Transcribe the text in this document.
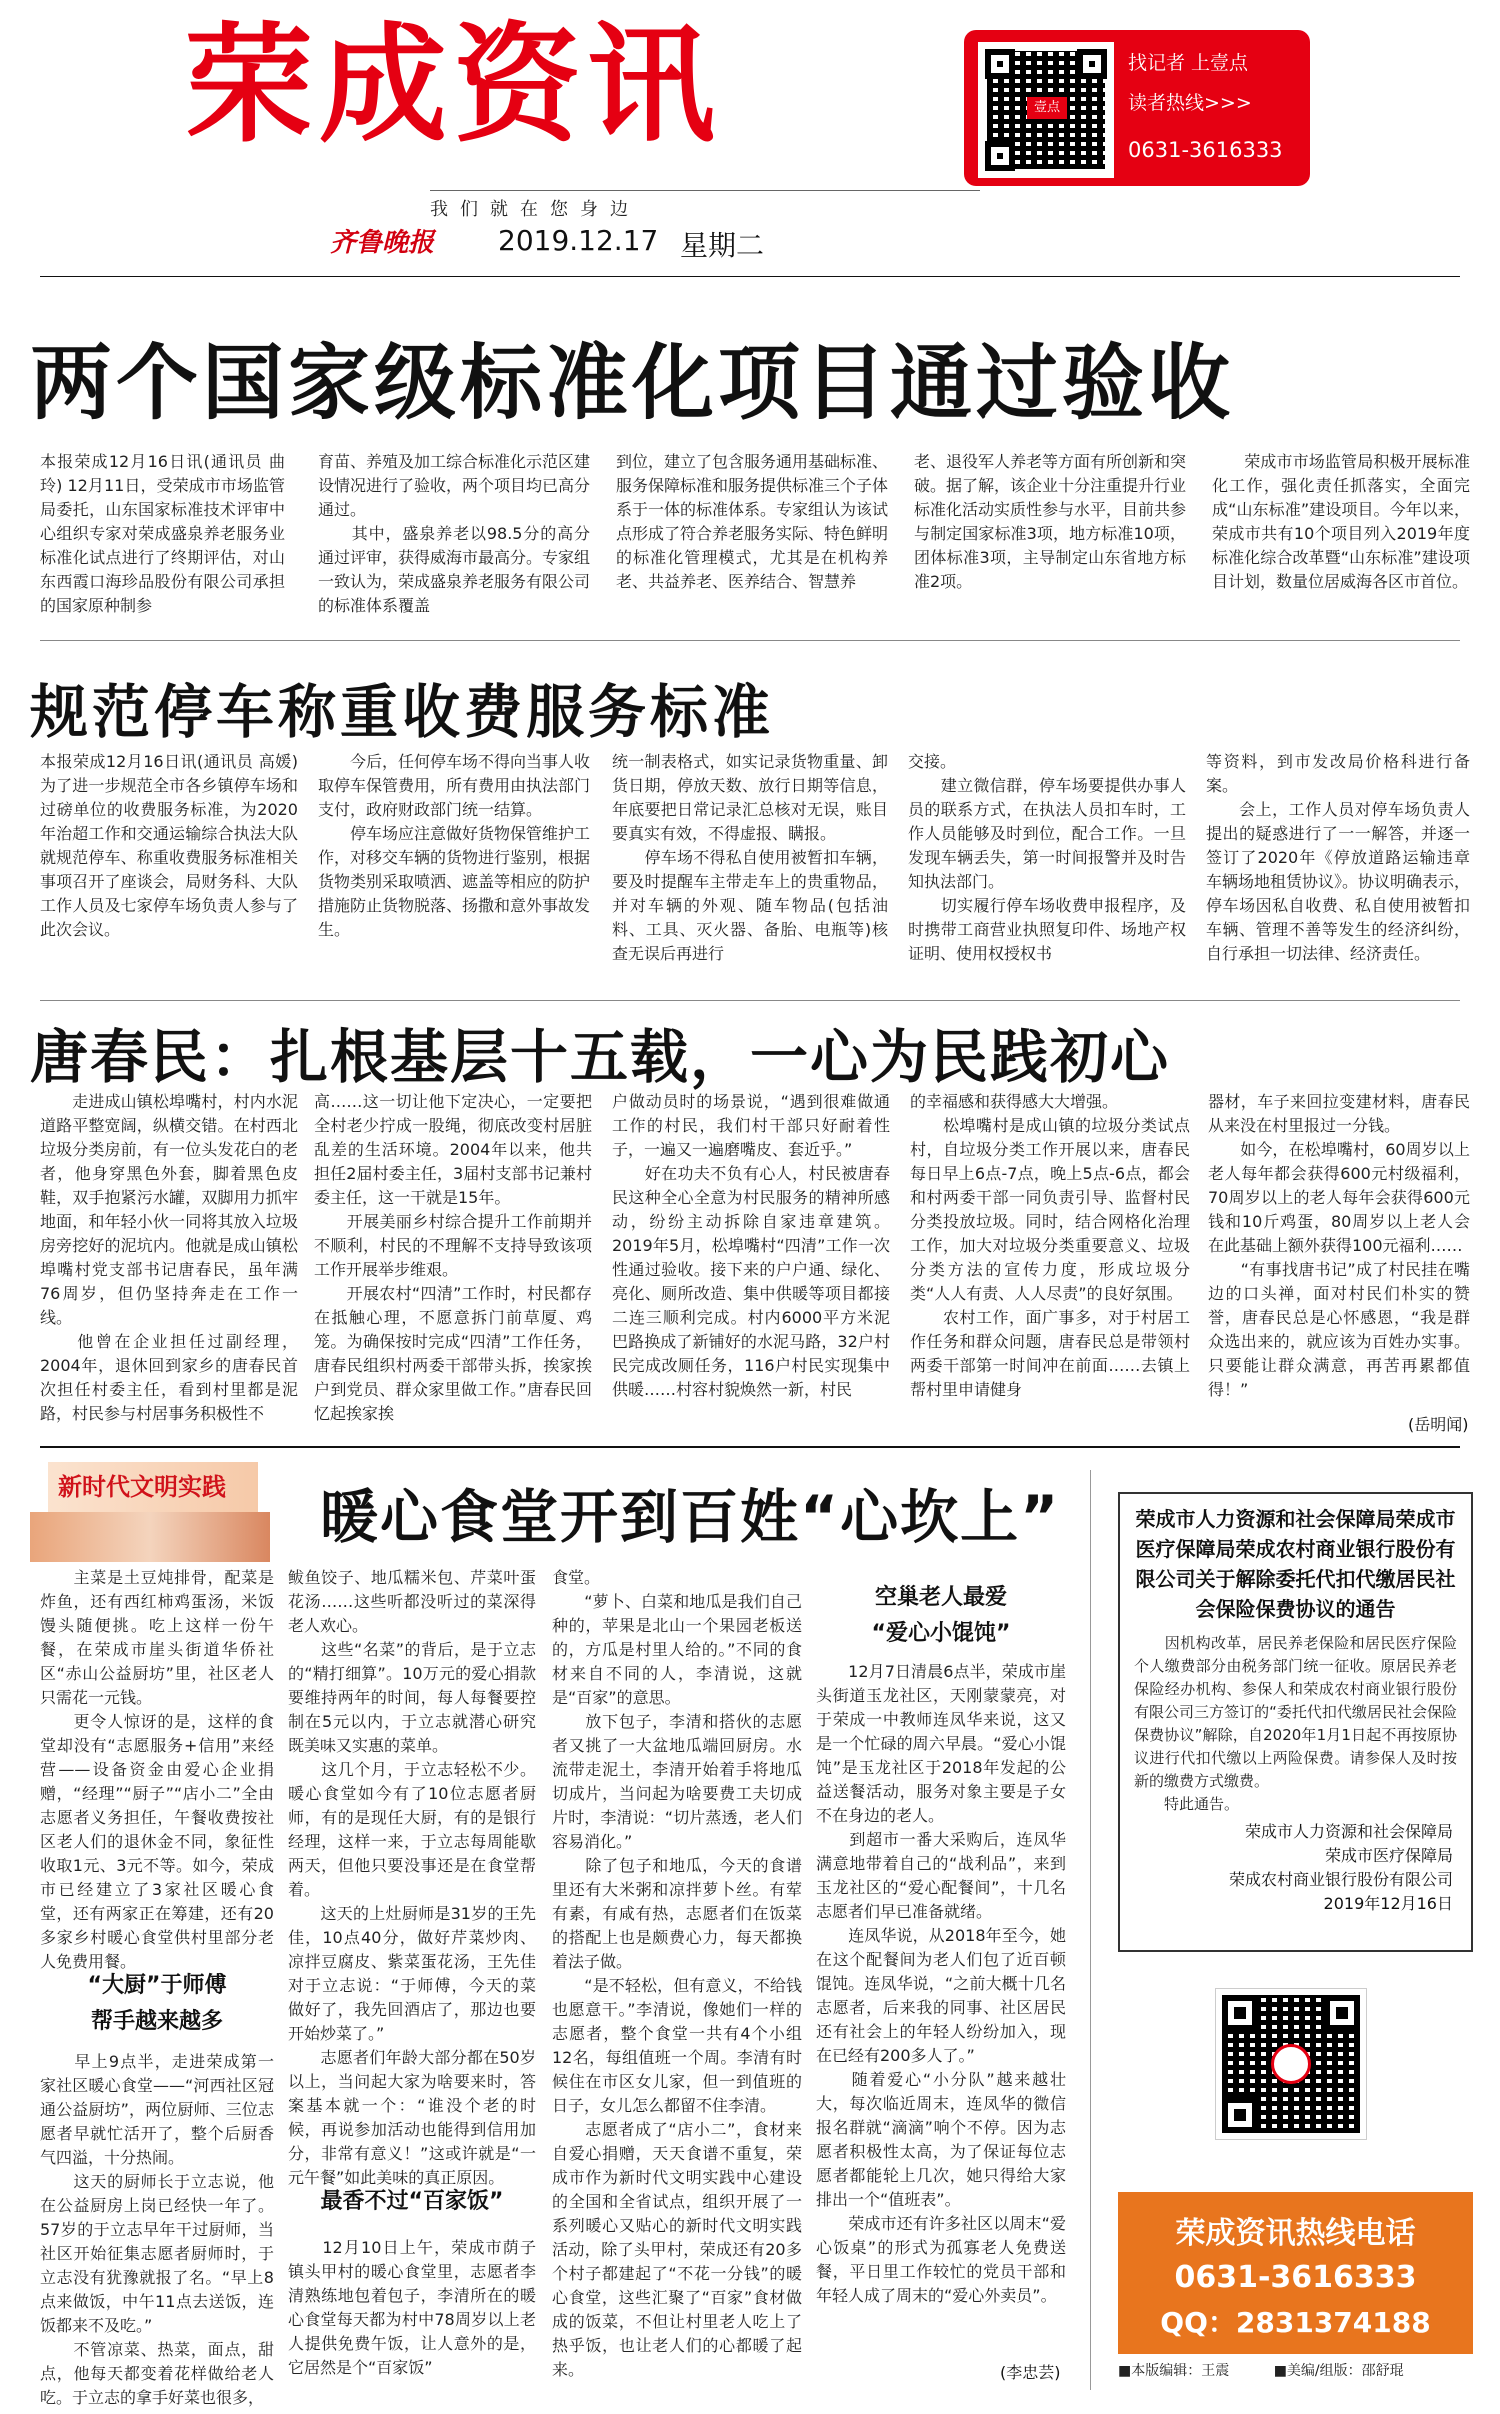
荣成资讯
我们就在您身边
齐鲁晚报 2019.12.17 星期二
壹点
找记者 上壹点
读者热线>>>
0631-3616333
两个国家级标准化项目通过验收
本报荣成12月16日讯(通讯员 曲玲) 12月11日，受荣成市市场监管局委托，山东国家标准技术评审中心组织专家对荣成盛泉养老服务业标准化试点进行了终期评估，对山东西霞口海珍品股份有限公司承担的国家原种制参
育苗、养殖及加工综合标准化示范区建设情况进行了验收，两个项目均已高分通过。
　　其中，盛泉养老以98.5分的高分通过评审，获得威海市最高分。专家组一致认为，荣成盛泉养老服务有限公司的标准体系覆盖
到位，建立了包含服务通用基础标准、服务保障标准和服务提供标准三个子体系于一体的标准体系。专家组认为该试点形成了符合养老服务实际、特色鲜明的标准化管理模式，尤其是在机构养老、共益养老、医养结合、智慧养
老、退役军人养老等方面有所创新和突破。据了解，该企业十分注重提升行业标准化活动实质性参与水平，目前共参与制定国家标准3项，地方标准10项，团体标准3项，主导制定山东省地方标准2项。
　　荣成市市场监管局积极开展标准化工作，强化责任抓落实，全面完成“山东标准”建设项目。今年以来，荣成市共有10个项目列入2019年度标准化综合改革暨“山东标准”建设项目计划，数量位居威海各区市首位。
规范停车称重收费服务标准
本报荣成12月16日讯(通讯员 高媛) 为了进一步规范全市各乡镇停车场和过磅单位的收费服务标准，为2020年治超工作和交通运输综合执法大队就规范停车、称重收费服务标准相关事项召开了座谈会，局财务科、大队工作人员及七家停车场负责人参与了此次会议。
　　今后，任何停车场不得向当事人收取停车保管费用，所有费用由执法部门支付，政府财政部门统一结算。
　　停车场应注意做好货物保管维护工作，对移交车辆的货物进行鉴别，根据货物类别采取喷洒、遮盖等相应的防护措施防止货物脱落、扬撒和意外事故发生。
统一制表格式，如实记录货物重量、卸货日期，停放天数、放行日期等信息，年底要把日常记录汇总核对无误，账目要真实有效，不得虚报、瞒报。
　　停车场不得私自使用被暂扣车辆，要及时提醒车主带走车上的贵重物品，并对车辆的外观、随车物品(包括油料、工具、灭火器、备胎、电瓶等)核查无误后再进行
交接。
　　建立微信群，停车场要提供办事人员的联系方式，在执法人员扣车时，工作人员能够及时到位，配合工作。一旦发现车辆丢失，第一时间报警并及时告知执法部门。
　　切实履行停车场收费申报程序，及时携带工商营业执照复印件、场地产权证明、使用权授权书
等资料，到市发改局价格科进行备案。
　　会上，工作人员对停车场负责人提出的疑惑进行了一一解答，并逐一签订了2020年《停放道路运输违章车辆场地租赁协议》。协议明确表示，停车场因私自收费、私自使用被暂扣车辆、管理不善等发生的经济纠纷，自行承担一切法律、经济责任。
唐春民：扎根基层十五载，一心为民践初心
　　走进成山镇松埠嘴村，村内水泥道路平整宽阔，纵横交错。在村西北垃圾分类房前，有一位头发花白的老者，他身穿黑色外套，脚着黑色皮鞋，双手抱紧污水罐，双脚用力抓牢地面，和年轻小伙一同将其放入垃圾房旁挖好的泥坑内。他就是成山镇松埠嘴村党支部书记唐春民，虽年满76周岁，但仍坚持奔走在工作一线。
　　他曾在企业担任过副经理，2004年，退休回到家乡的唐春民首次担任村委主任，看到村里都是泥路，村民参与村居事务积极性不
高……这一切让他下定决心，一定要把全村老少拧成一股绳，彻底改变村居脏乱差的生活环境。2004年以来，他共担任2届村委主任，3届村支部书记兼村委主任，这一干就是15年。
　　开展美丽乡村综合提升工作前期并不顺利，村民的不理解不支持导致该项工作开展举步维艰。
　　开展农村“四清”工作时，村民都存在抵触心理，不愿意拆门前草厦、鸡笼。为确保按时完成“四清”工作任务，唐春民组织村两委干部带头拆，挨家挨户到党员、群众家里做工作。”唐春民回忆起挨家挨
户做动员时的场景说，“遇到很难做通工作的村民，我们村干部只好耐着性子，一遍又一遍磨嘴皮、套近乎。”
　　好在功夫不负有心人，村民被唐春民这种全心全意为村民服务的精神所感动，纷纷主动拆除自家违章建筑。2019年5月，松埠嘴村“四清”工作一次性通过验收。接下来的户户通、绿化、亮化、厕所改造、集中供暖等项目都接二连三顺利完成。村内6000平方米泥巴路换成了新铺好的水泥马路，32户村民完成改厕任务，116户村民实现集中供暖……村容村貌焕然一新，村民
的幸福感和获得感大大增强。
　　松埠嘴村是成山镇的垃圾分类试点村，自垃圾分类工作开展以来，唐春民每日早上6点-7点，晚上5点-6点，都会和村两委干部一同负责引导、监督村民分类投放垃圾。同时，结合网格化治理工作，加大对垃圾分类重要意义、垃圾分类方法的宣传力度，形成垃圾分类“人人有责、人人尽责”的良好氛围。
　　农村工作，面广事多，对于村居工作任务和群众问题，唐春民总是带领村两委干部第一时间冲在前面……去镇上帮村里申请健身
器材，车子来回拉变建材料，唐春民从来没在村里报过一分钱。
　　如今，在松埠嘴村，60周岁以上老人每年都会获得600元村级福利，70周岁以上的老人每年会获得600元钱和10斤鸡蛋，80周岁以上老人会在此基础上额外获得100元福利……
　　“有事找唐书记”成了村民挂在嘴边的口头禅，面对村民们朴实的赞誉，唐春民总是心怀感恩，“我是群众选出来的，就应该为百姓办实事。只要能让群众满意，再苦再累都值得！”
(岳明闻)
新时代文明实践	暖心食堂开到百姓“心坎上”
　　主菜是土豆炖排骨，配菜是炸鱼，还有西红柿鸡蛋汤，米饭馒头随便挑。吃上这样一份午餐，在荣成市崖头街道华侨社区“赤山公益厨坊”里，社区老人只需花一元钱。
　　更令人惊讶的是，这样的食堂却没有“志愿服务+信用”来经营——设备资金由爱心企业捐赠，“经理”“厨子”“店小二”全由志愿者义务担任，午餐收费按社区老人们的退休金不同，象征性收取1元、3元不等。如今，荣成市已经建立了3家社区暖心食堂，还有两家正在筹建，还有20多家乡村暖心食堂供村里部分老人免费用餐。
“大厨”于师傅
帮手越来越多
　　早上9点半，走进荣成第一家社区暖心食堂——“河西社区冠通公益厨坊”，两位厨师、三位志愿者早就忙活开了，整个后厨香气四溢，十分热闹。
　　这天的厨师长于立志说，他在公益厨房上岗已经快一年了。57岁的于立志早年干过厨师，当社区开始征集志愿者厨师时，于立志没有犹豫就报了名。“早上8点来做饭，中午11点去送饭，连饭都来不及吃。”
　　不管凉菜、热菜，面点，甜点，他每天都变着花样做给老人吃。于立志的拿手好菜也很多，
鲅鱼饺子、地瓜糯米包、芹菜叶蛋花汤……这些听都没听过的菜深得老人欢心。
　　这些“名菜”的背后，是于立志的“精打细算”。10万元的爱心捐款要维持两年的时间，每人每餐要控制在5元以内，于立志就潜心研究既美味又实惠的菜单。
　　这几个月，于立志轻松不少。暖心食堂如今有了10位志愿者厨师，有的是现任大厨，有的是银行经理，这样一来，于立志每周能歇两天，但他只要没事还是在食堂帮着。
　　这天的上灶厨师是31岁的王先佳，10点40分，做好芹菜炒肉、凉拌豆腐皮、紫菜蛋花汤，王先佳对于立志说：“于师傅，今天的菜做好了，我先回酒店了，那边也要开始炒菜了。”
　　志愿者们年龄大部分都在50岁以上，当问起大家为啥要来时，答案基本就一个：“谁没个老的时候，再说参加活动也能得到信用加分，非常有意义！”这或许就是“一元午餐”如此美味的真正原因。
最香不过“百家饭”
　　12月10日上午，荣成市荫子镇头甲村的暖心食堂里，志愿者李清熟练地包着包子，李清所在的暖心食堂每天都为村中78周岁以上老人提供免费午饭，让人意外的是，它居然是个“百家饭”
食堂。
　　“萝卜、白菜和地瓜是我们自己种的，苹果是北山一个果园老板送的，方瓜是村里人给的。”不同的食材来自不同的人，李清说，这就是“百家”的意思。
　　放下包子，李清和搭伙的志愿者又挑了一大盆地瓜端回厨房。水流带走泥土，李清开始着手将地瓜切成片，当问起为啥要费工夫切成片时，李清说：“切片蒸透，老人们容易消化。”
　　除了包子和地瓜，今天的食谱里还有大米粥和凉拌萝卜丝。有荤有素，有咸有热，志愿者们在饭菜的搭配上也是颇费心力，每天都换着法子做。
　　“是不轻松，但有意义，不给钱也愿意干。”李清说，像她们一样的志愿者，整个食堂一共有4个小组12名，每组值班一个周。李清有时候住在市区女儿家，但一到值班的日子，女儿怎么都留不住李清。
　　志愿者成了“店小二”，食材来自爱心捐赠，天天食谱不重复，荣成市作为新时代文明实践中心建设的全国和全省试点，组织开展了一系列暖心又贴心的新时代文明实践活动，除了头甲村，荣成还有20多个村子都建起了“不花一分钱”的暖心食堂，这些汇聚了“百家”食材做成的饭菜，不但让村里老人吃上了热乎饭，也让老人们的心都暖了起来。
空巢老人最爱
“爱心小馄饨”
　　12月7日清晨6点半，荣成市崖头街道玉龙社区，天刚蒙蒙亮，对于荣成一中教师连凤华来说，这又是一个忙碌的周六早晨。“爱心小馄饨”是玉龙社区于2018年发起的公益送餐活动，服务对象主要是子女不在身边的老人。
　　到超市一番大采购后，连凤华满意地带着自己的“战利品”，来到玉龙社区的“爱心配餐间”，十几名志愿者们早已准备就绪。
　　连凤华说，从2018年至今，她在这个配餐间为老人们包了近百顿馄饨。连凤华说，“之前大概十几名志愿者，后来我的同事、社区居民还有社会上的年轻人纷纷加入，现在已经有200多人了。”
　　随着爱心“小分队”越来越壮大，每次临近周末，连凤华的微信报名群就“滴滴”响个不停。因为志愿者积极性太高，为了保证每位志愿者都能轮上几次，她只得给大家排出一个“值班表”。
　　荣成市还有许多社区以周末“爱心饭桌”的形式为孤寡老人免费送餐，平日里工作较忙的党员干部和年轻人成了周末的“爱心外卖员”。
(李忠芸)
荣成市人力资源和社会保障局荣成市医疗保障局荣成农村商业银行股份有限公司关于解除委托代扣代缴居民社会保险保费协议的通告
　　因机构改革，居民养老保险和居民医疗保险个人缴费部分由税务部门统一征收。原居民养老保险经办机构、参保人和荣成农村商业银行股份有限公司三方签订的“委托代扣代缴居民社会保险保费协议”解除，自2020年1月1日起不再按原协议进行代扣代缴以上两险保费。请参保人及时按新的缴费方式缴费。
　　特此通告。
荣成市人力资源和社会保障局
荣成市医疗保障局
荣成农村商业银行股份有限公司
2019年12月16日
荣成资讯热线电话
0631-3616333
QQ：2831374188
■本版编辑：王震	■美编/组版：邵舒琨
